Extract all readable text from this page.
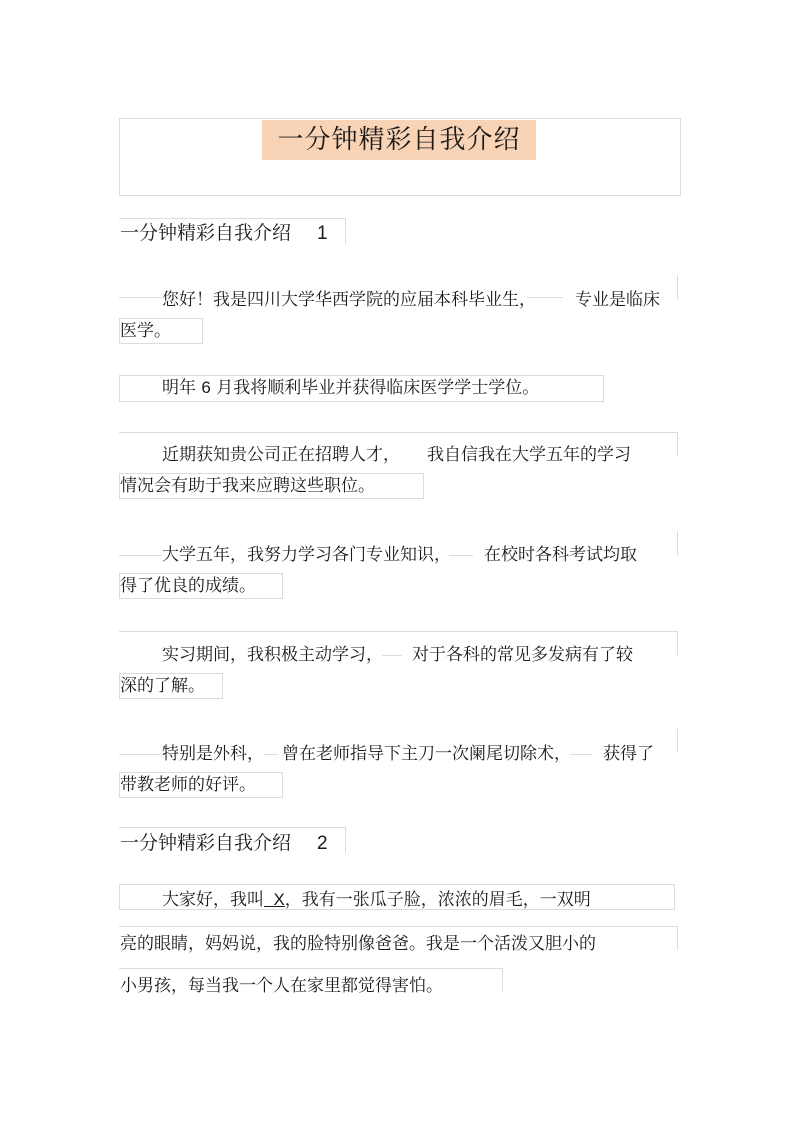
一分钟精彩自我介绍
一分钟精彩自我介绍 1
您好！我是四川大学华西学院的应届本科毕业生， 专业是临床
医学。
明年 6 月我将顺利毕业并获得临床医学学士学位。
近期获知贵公司正在招聘人才， 我自信我在大学五年的学习
情况会有助于我来应聘这些职位。
大学五年，我努力学习各门专业知识， 在校时各科考试均取
得了优良的成绩。
实习期间，我积极主动学习， 对于各科的常见多发病有了较
深的了解。
特别是外科， 曾在老师指导下主刀一次阑尾切除术， 获得了
带教老师的好评。
一分钟精彩自我介绍 2
大家好，我叫  X，我有一张瓜子脸，浓浓的眉毛，一双明
亮的眼睛，妈妈说，我的脸特别像爸爸。我是一个活泼又胆小的
小男孩，每当我一个人在家里都觉得害怕。
